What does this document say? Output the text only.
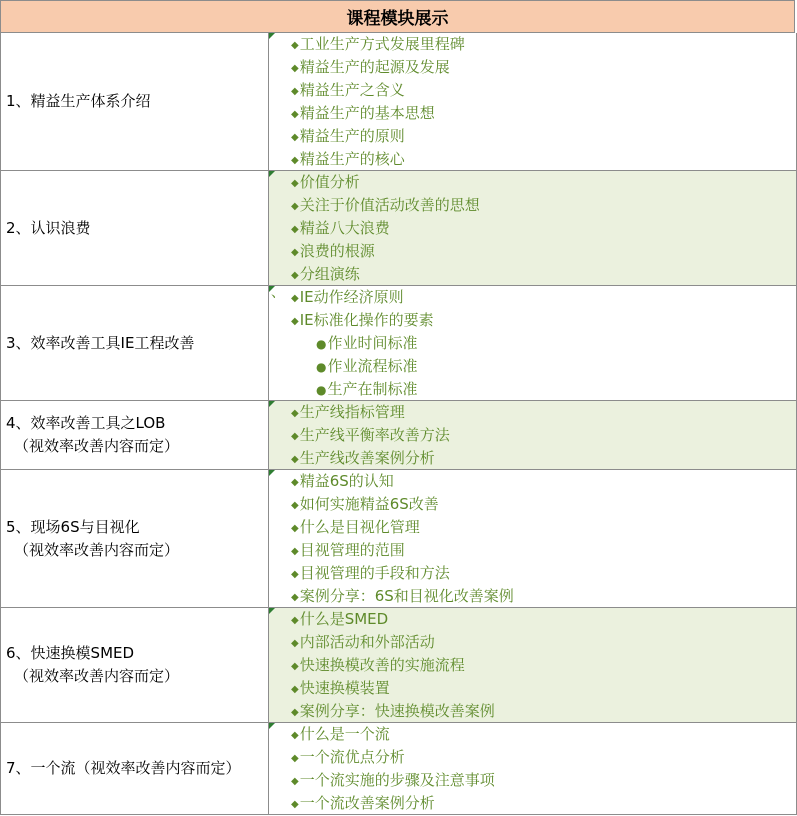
课程模块展示
1、精益生产体系介绍
◆工业生产方式发展里程碑
◆精益生产的起源及发展
◆精益生产之含义
◆精益生产的基本思想
◆精益生产的原则
◆精益生产的核心
2、认识浪费
◆价值分析
◆关注于价值活动改善的思想
◆精益八大浪费
◆浪费的根源
◆分组演练
3、效率改善工具IE工程改善
、 ◆IE动作经济原则
◆IE标准化操作的要素
●作业时间标准
●作业流程标准
●生产在制标准
4、效率改善工具之LOB
（视效率改善内容而定）
◆生产线指标管理
◆生产线平衡率改善方法
◆生产线改善案例分析
5、现场6S与目视化
（视效率改善内容而定）
◆精益6S的认知
◆如何实施精益6S改善
◆什么是目视化管理
◆目视管理的范围
◆目视管理的手段和方法
◆案例分享：6S和目视化改善案例
6、快速换模SMED
（视效率改善内容而定）
◆什么是SMED
◆内部活动和外部活动
◆快速换模改善的实施流程
◆快速换模装置
◆案例分享：快速换模改善案例
7、一个流（视效率改善内容而定）
◆什么是一个流
◆一个流优点分析
◆一个流实施的步骤及注意事项
◆一个流改善案例分析
